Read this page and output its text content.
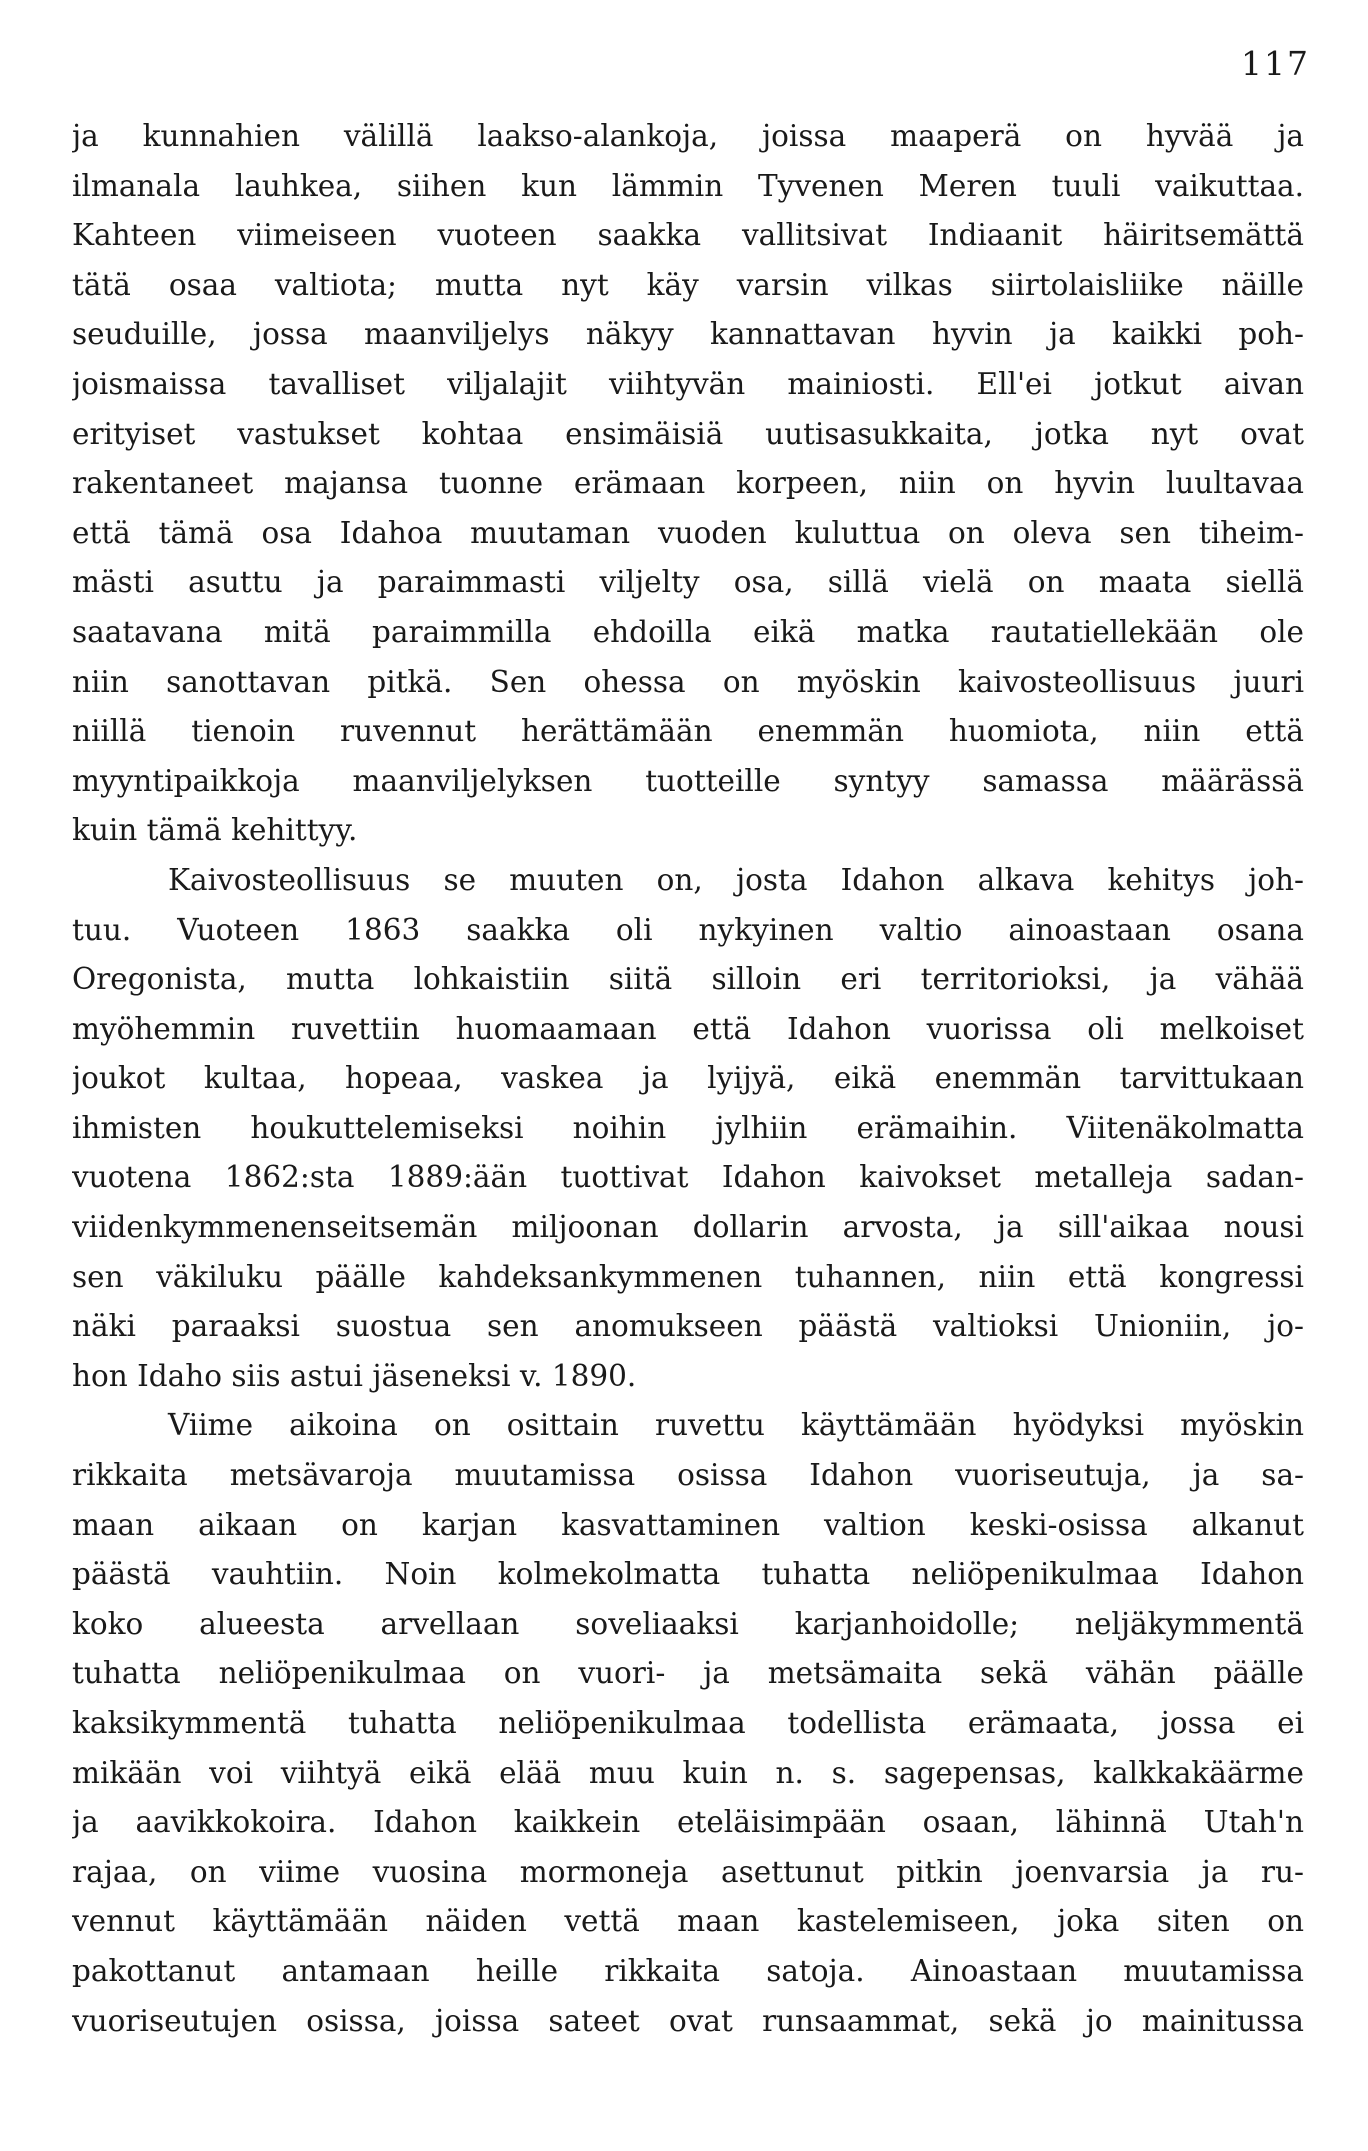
117
ja kunnahien välillä laakso-alankoja, joissa maaperä on hyvää ja
ilmanala lauhkea, siihen kun lämmin Tyvenen Meren tuuli vaikuttaa.
Kahteen viimeiseen vuoteen saakka vallitsivat Indiaanit häiritsemättä
tätä osaa valtiota; mutta nyt käy varsin vilkas siirtolaisliike näille
seuduille, jossa maanviljelys näkyy kannattavan hyvin ja kaikki poh-
joismaissa tavalliset viljalajit viihtyvän mainiosti. Ell'ei jotkut aivan
erityiset vastukset kohtaa ensimäisiä uutisasukkaita, jotka nyt ovat
rakentaneet majansa tuonne erämaan korpeen, niin on hyvin luultavaa
että tämä osa Idahoa muutaman vuoden kuluttua on oleva sen tiheim-
mästi asuttu ja paraimmasti viljelty osa, sillä vielä on maata siellä
saatavana mitä paraimmilla ehdoilla eikä matka rautatiellekään ole
niin sanottavan pitkä. Sen ohessa on myöskin kaivosteollisuus juuri
niillä tienoin ruvennut herättämään enemmän huomiota, niin että
myyntipaikkoja maanviljelyksen tuotteille syntyy samassa määrässä
kuin tämä kehittyy.
Kaivosteollisuus se muuten on, josta Idahon alkava kehitys joh-
tuu. Vuoteen 1863 saakka oli nykyinen valtio ainoastaan osana
Oregonista, mutta lohkaistiin siitä silloin eri territorioksi, ja vähää
myöhemmin ruvettiin huomaamaan että Idahon vuorissa oli melkoiset
joukot kultaa, hopeaa, vaskea ja lyijyä, eikä enemmän tarvittukaan
ihmisten houkuttelemiseksi noihin jylhiin erämaihin. Viitenäkolmatta
vuotena 1862:sta 1889:ään tuottivat Idahon kaivokset metalleja sadan-
viidenkymmenenseitsemän miljoonan dollarin arvosta, ja sill'aikaa nousi
sen väkiluku päälle kahdeksankymmenen tuhannen, niin että kongressi
näki paraaksi suostua sen anomukseen päästä valtioksi Unioniin, jo-
hon Idaho siis astui jäseneksi v. 1890.
Viime aikoina on osittain ruvettu käyttämään hyödyksi myöskin
rikkaita metsävaroja muutamissa osissa Idahon vuoriseutuja, ja sa-
maan aikaan on karjan kasvattaminen valtion keski-osissa alkanut
päästä vauhtiin. Noin kolmekolmatta tuhatta neliöpenikulmaa Idahon
koko alueesta arvellaan soveliaaksi karjanhoidolle; neljäkymmentä
tuhatta neliöpenikulmaa on vuori- ja metsämaita sekä vähän päälle
kaksikymmentä tuhatta neliöpenikulmaa todellista erämaata, jossa ei
mikään voi viihtyä eikä elää muu kuin n. s. sagepensas, kalkkakäärme
ja aavikkokoira. Idahon kaikkein eteläisimpään osaan, lähinnä Utah'n
rajaa, on viime vuosina mormoneja asettunut pitkin joenvarsia ja ru-
vennut käyttämään näiden vettä maan kastelemiseen, joka siten on
pakottanut antamaan heille rikkaita satoja. Ainoastaan muutamissa
vuoriseutujen osissa, joissa sateet ovat runsaammat, sekä jo mainitussa
